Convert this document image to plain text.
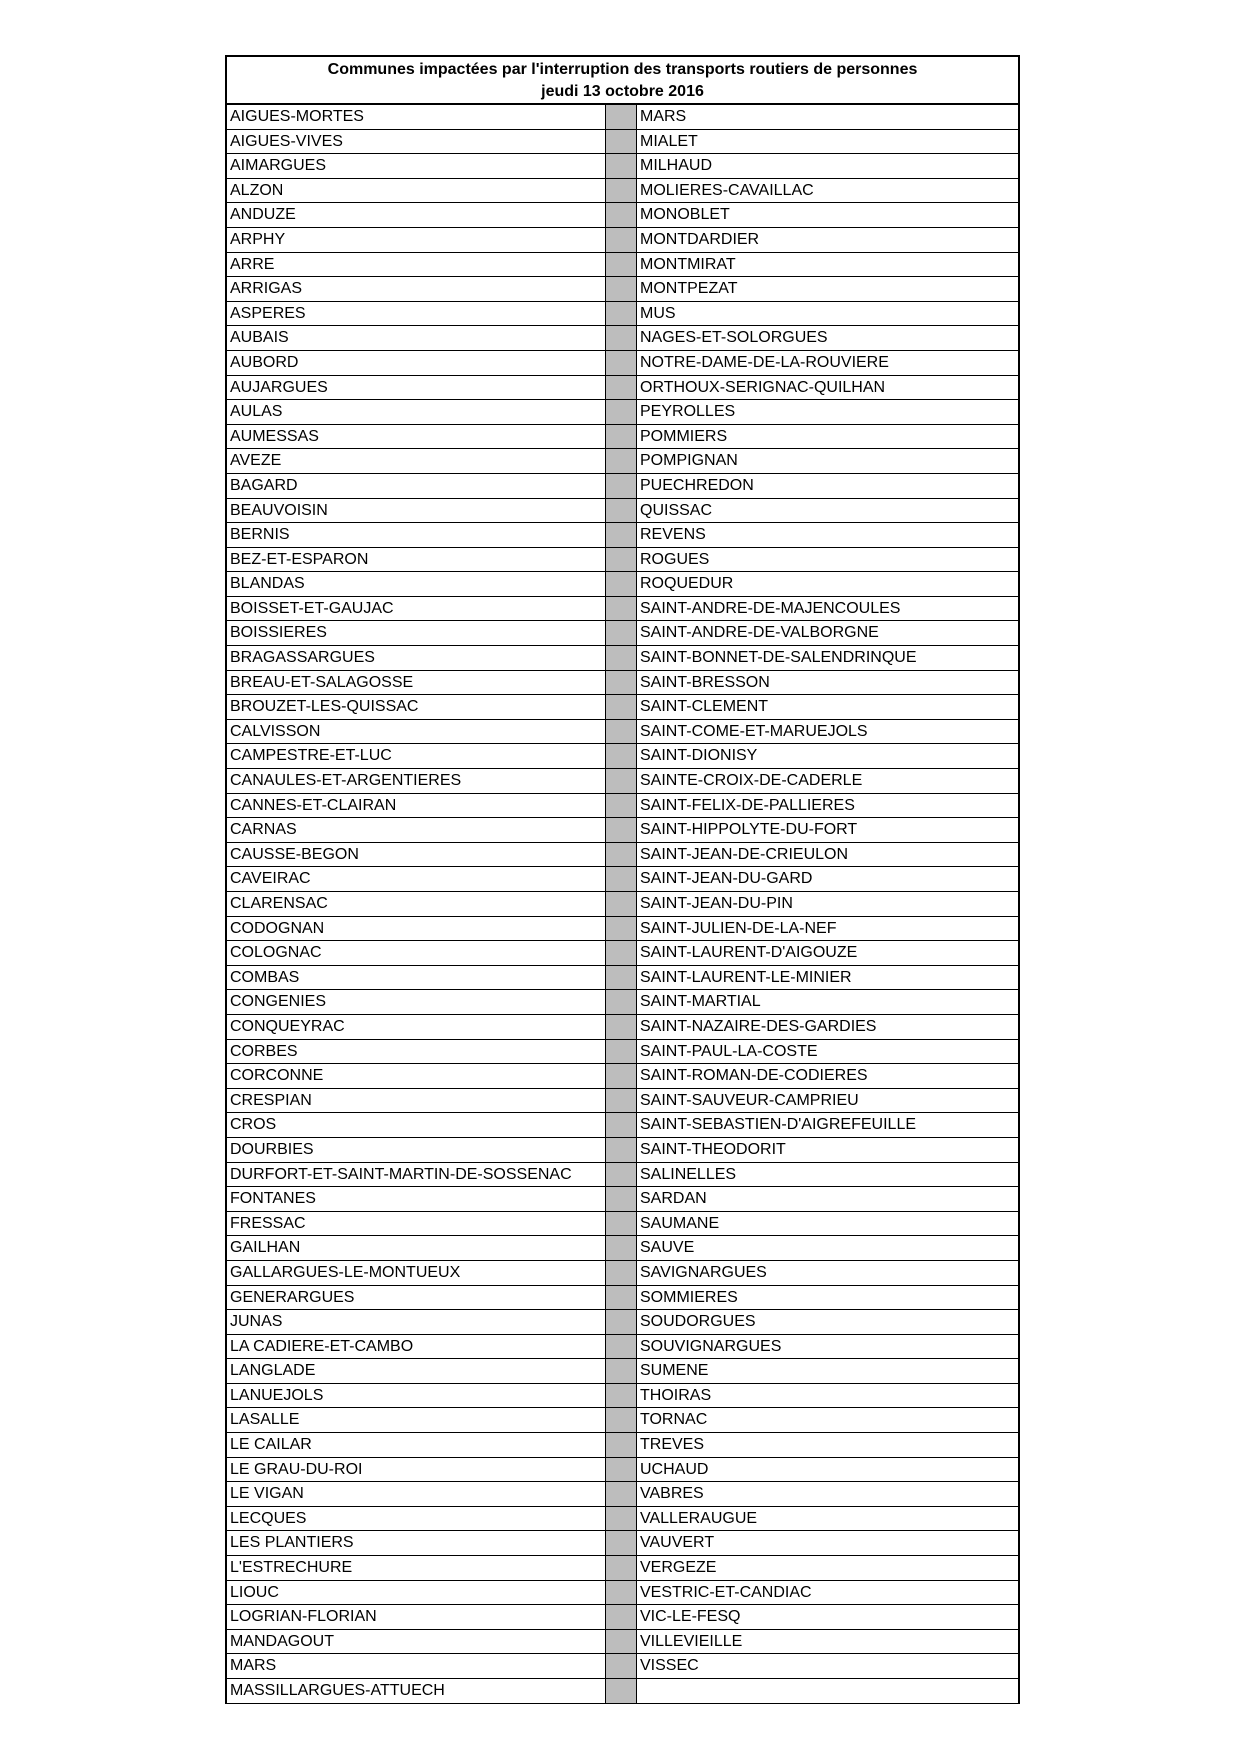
Communes impactées par l'interruption des transports routiers de personnes
jeudi 13 octobre 2016
AIGUES-MORTES	MARS
AIGUES-VIVES	MIALET
AIMARGUES	MILHAUD
ALZON	MOLIERES-CAVAILLAC
ANDUZE	MONOBLET
ARPHY	MONTDARDIER
ARRE	MONTMIRAT
ARRIGAS	MONTPEZAT
ASPERES	MUS
AUBAIS	NAGES-ET-SOLORGUES
AUBORD	NOTRE-DAME-DE-LA-ROUVIERE
AUJARGUES	ORTHOUX-SERIGNAC-QUILHAN
AULAS	PEYROLLES
AUMESSAS	POMMIERS
AVEZE	POMPIGNAN
BAGARD	PUECHREDON
BEAUVOISIN	QUISSAC
BERNIS	REVENS
BEZ-ET-ESPARON	ROGUES
BLANDAS	ROQUEDUR
BOISSET-ET-GAUJAC	SAINT-ANDRE-DE-MAJENCOULES
BOISSIERES	SAINT-ANDRE-DE-VALBORGNE
BRAGASSARGUES	SAINT-BONNET-DE-SALENDRINQUE
BREAU-ET-SALAGOSSE	SAINT-BRESSON
BROUZET-LES-QUISSAC	SAINT-CLEMENT
CALVISSON	SAINT-COME-ET-MARUEJOLS
CAMPESTRE-ET-LUC	SAINT-DIONISY
CANAULES-ET-ARGENTIERES	SAINTE-CROIX-DE-CADERLE
CANNES-ET-CLAIRAN	SAINT-FELIX-DE-PALLIERES
CARNAS	SAINT-HIPPOLYTE-DU-FORT
CAUSSE-BEGON	SAINT-JEAN-DE-CRIEULON
CAVEIRAC	SAINT-JEAN-DU-GARD
CLARENSAC	SAINT-JEAN-DU-PIN
CODOGNAN	SAINT-JULIEN-DE-LA-NEF
COLOGNAC	SAINT-LAURENT-D'AIGOUZE
COMBAS	SAINT-LAURENT-LE-MINIER
CONGENIES	SAINT-MARTIAL
CONQUEYRAC	SAINT-NAZAIRE-DES-GARDIES
CORBES	SAINT-PAUL-LA-COSTE
CORCONNE	SAINT-ROMAN-DE-CODIERES
CRESPIAN	SAINT-SAUVEUR-CAMPRIEU
CROS	SAINT-SEBASTIEN-D'AIGREFEUILLE
DOURBIES	SAINT-THEODORIT
DURFORT-ET-SAINT-MARTIN-DE-SOSSENAC	SALINELLES
FONTANES	SARDAN
FRESSAC	SAUMANE
GAILHAN	SAUVE
GALLARGUES-LE-MONTUEUX	SAVIGNARGUES
GENERARGUES	SOMMIERES
JUNAS	SOUDORGUES
LA CADIERE-ET-CAMBO	SOUVIGNARGUES
LANGLADE	SUMENE
LANUEJOLS	THOIRAS
LASALLE	TORNAC
LE CAILAR	TREVES
LE GRAU-DU-ROI	UCHAUD
LE VIGAN	VABRES
LECQUES	VALLERAUGUE
LES PLANTIERS	VAUVERT
L'ESTRECHURE	VERGEZE
LIOUC	VESTRIC-ET-CANDIAC
LOGRIAN-FLORIAN	VIC-LE-FESQ
MANDAGOUT	VILLEVIEILLE
MARS	VISSEC
MASSILLARGUES-ATTUECH
